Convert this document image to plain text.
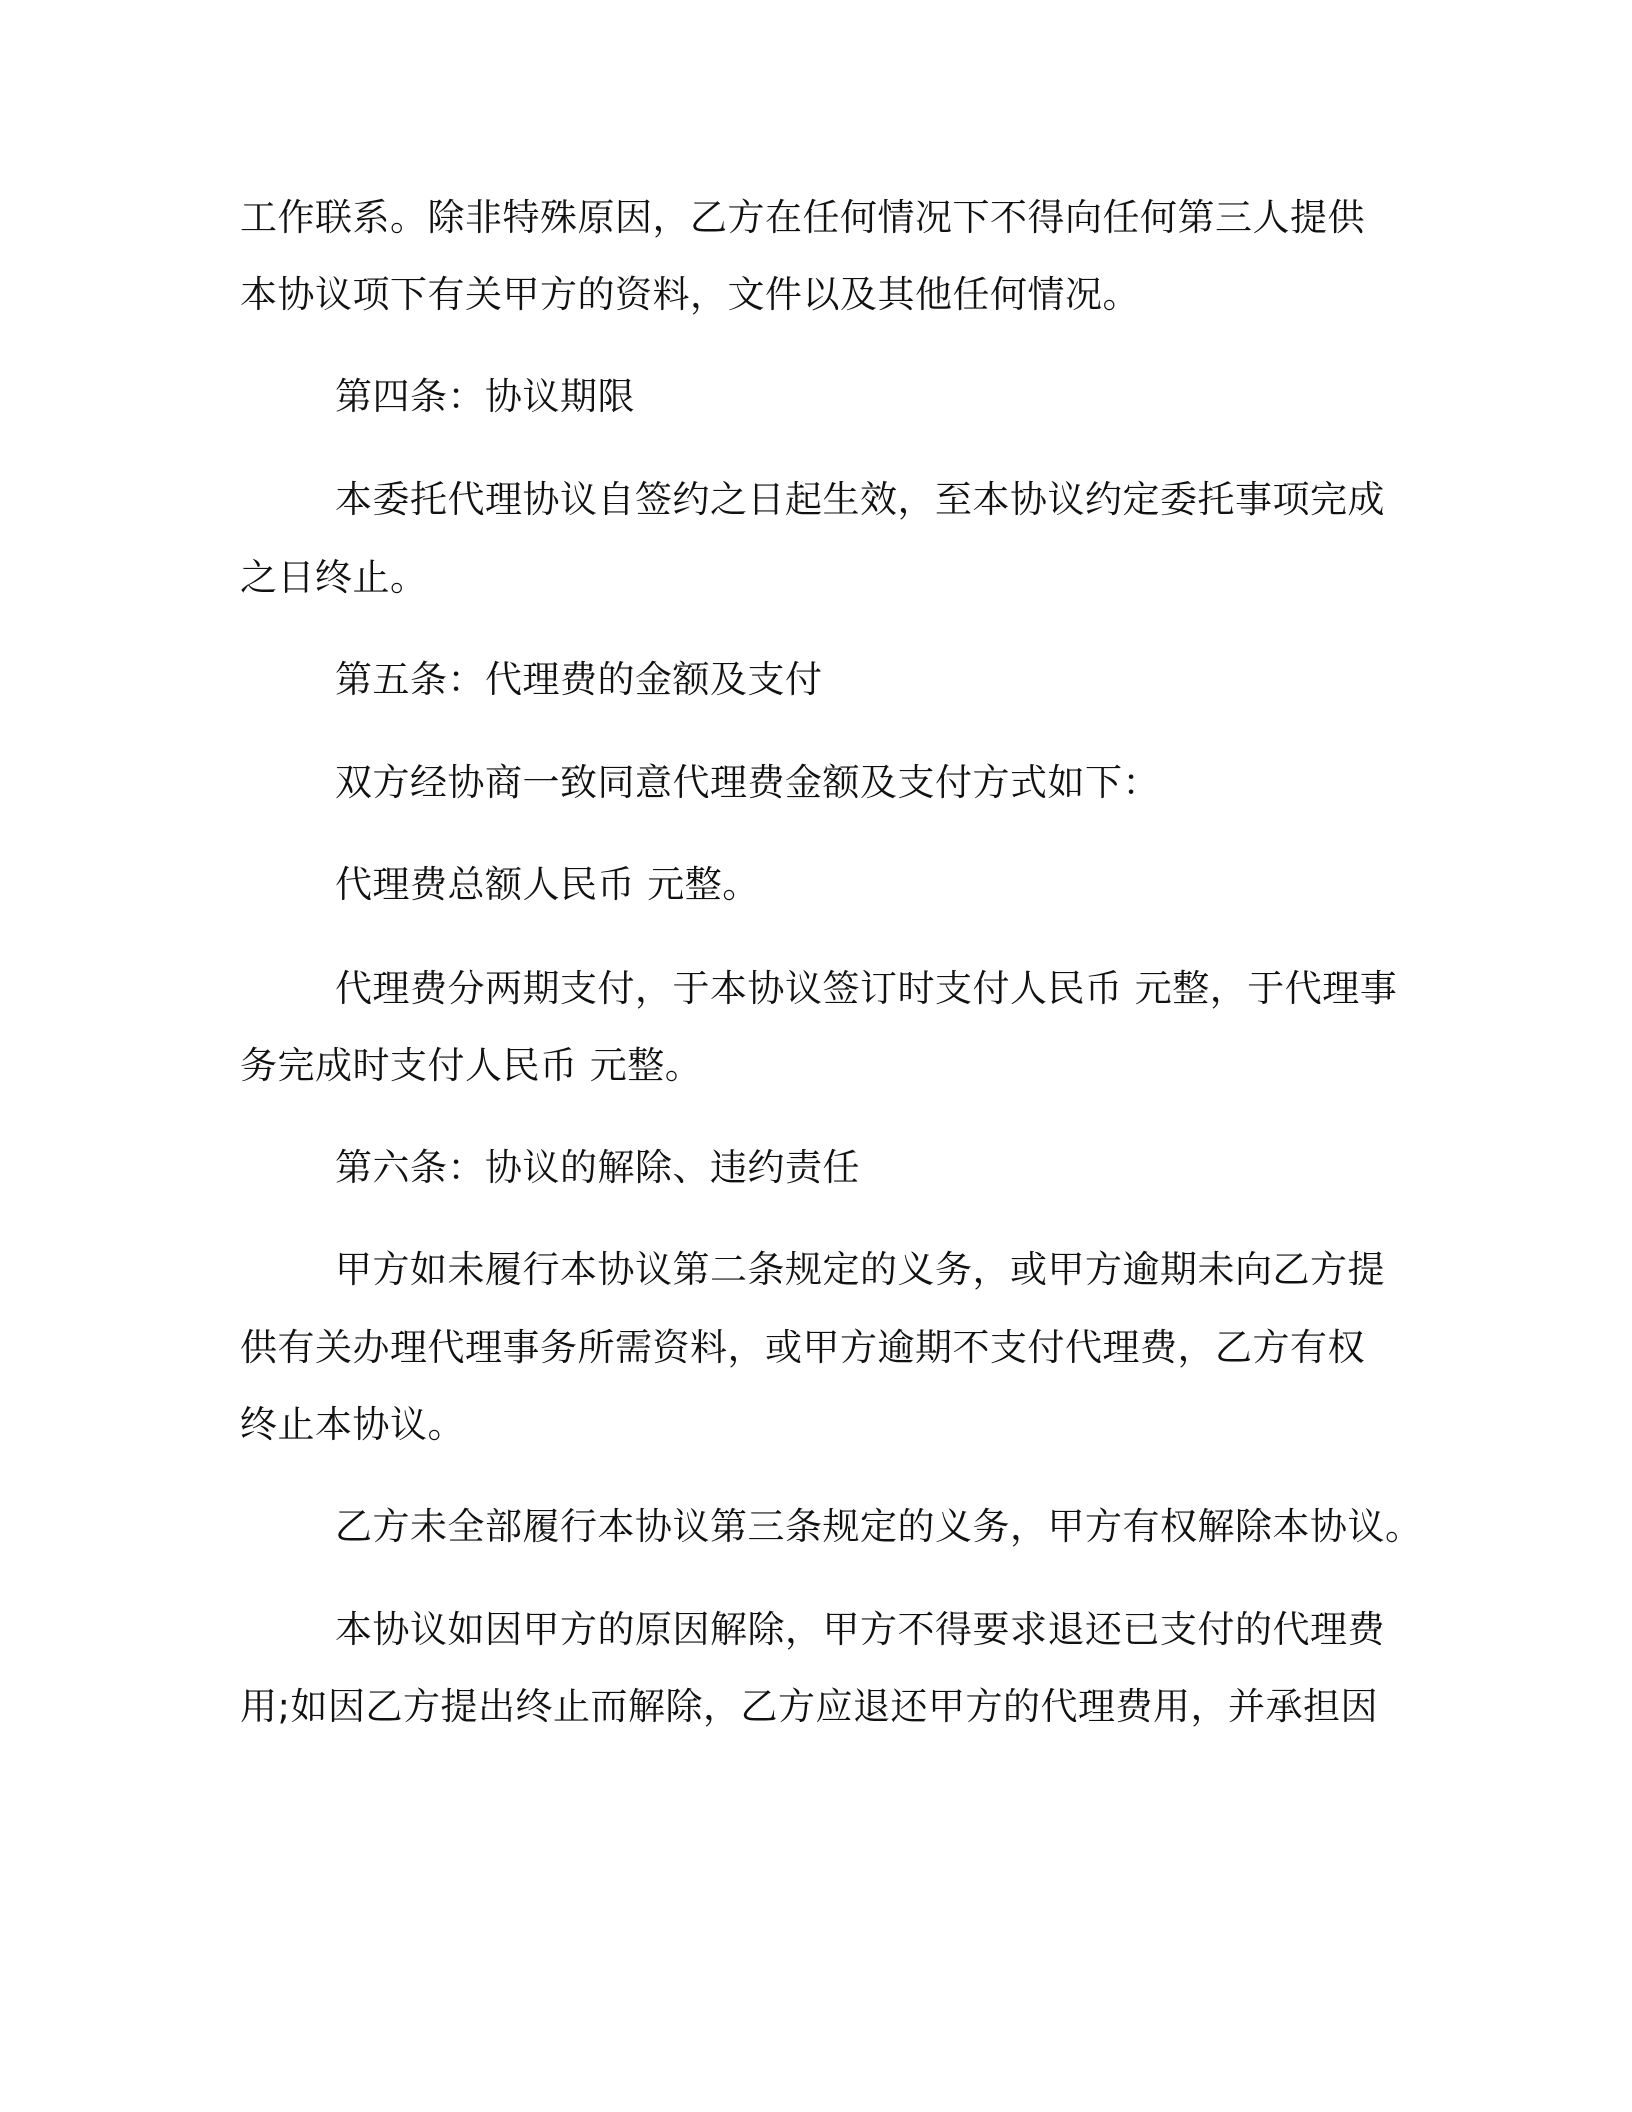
工作联系。除非特殊原因，乙方在任何情况下不得向任何第三人提供
本协议项下有关甲方的资料，文件以及其他任何情况。
第四条：协议期限
本委托代理协议自签约之日起生效，至本协议约定委托事项完成
之日终止。
第五条：代理费的金额及支付
双方经协商一致同意代理费金额及支付方式如下：
代理费总额人民币 元整。
代理费分两期支付，于本协议签订时支付人民币 元整，于代理事
务完成时支付人民币 元整。
第六条：协议的解除、违约责任
甲方如未履行本协议第二条规定的义务，或甲方逾期未向乙方提
供有关办理代理事务所需资料，或甲方逾期不支付代理费，乙方有权
终止本协议。
乙方未全部履行本协议第三条规定的义务，甲方有权解除本协议。
本协议如因甲方的原因解除，甲方不得要求退还已支付的代理费
用;如因乙方提出终止而解除，乙方应退还甲方的代理费用，并承担因
